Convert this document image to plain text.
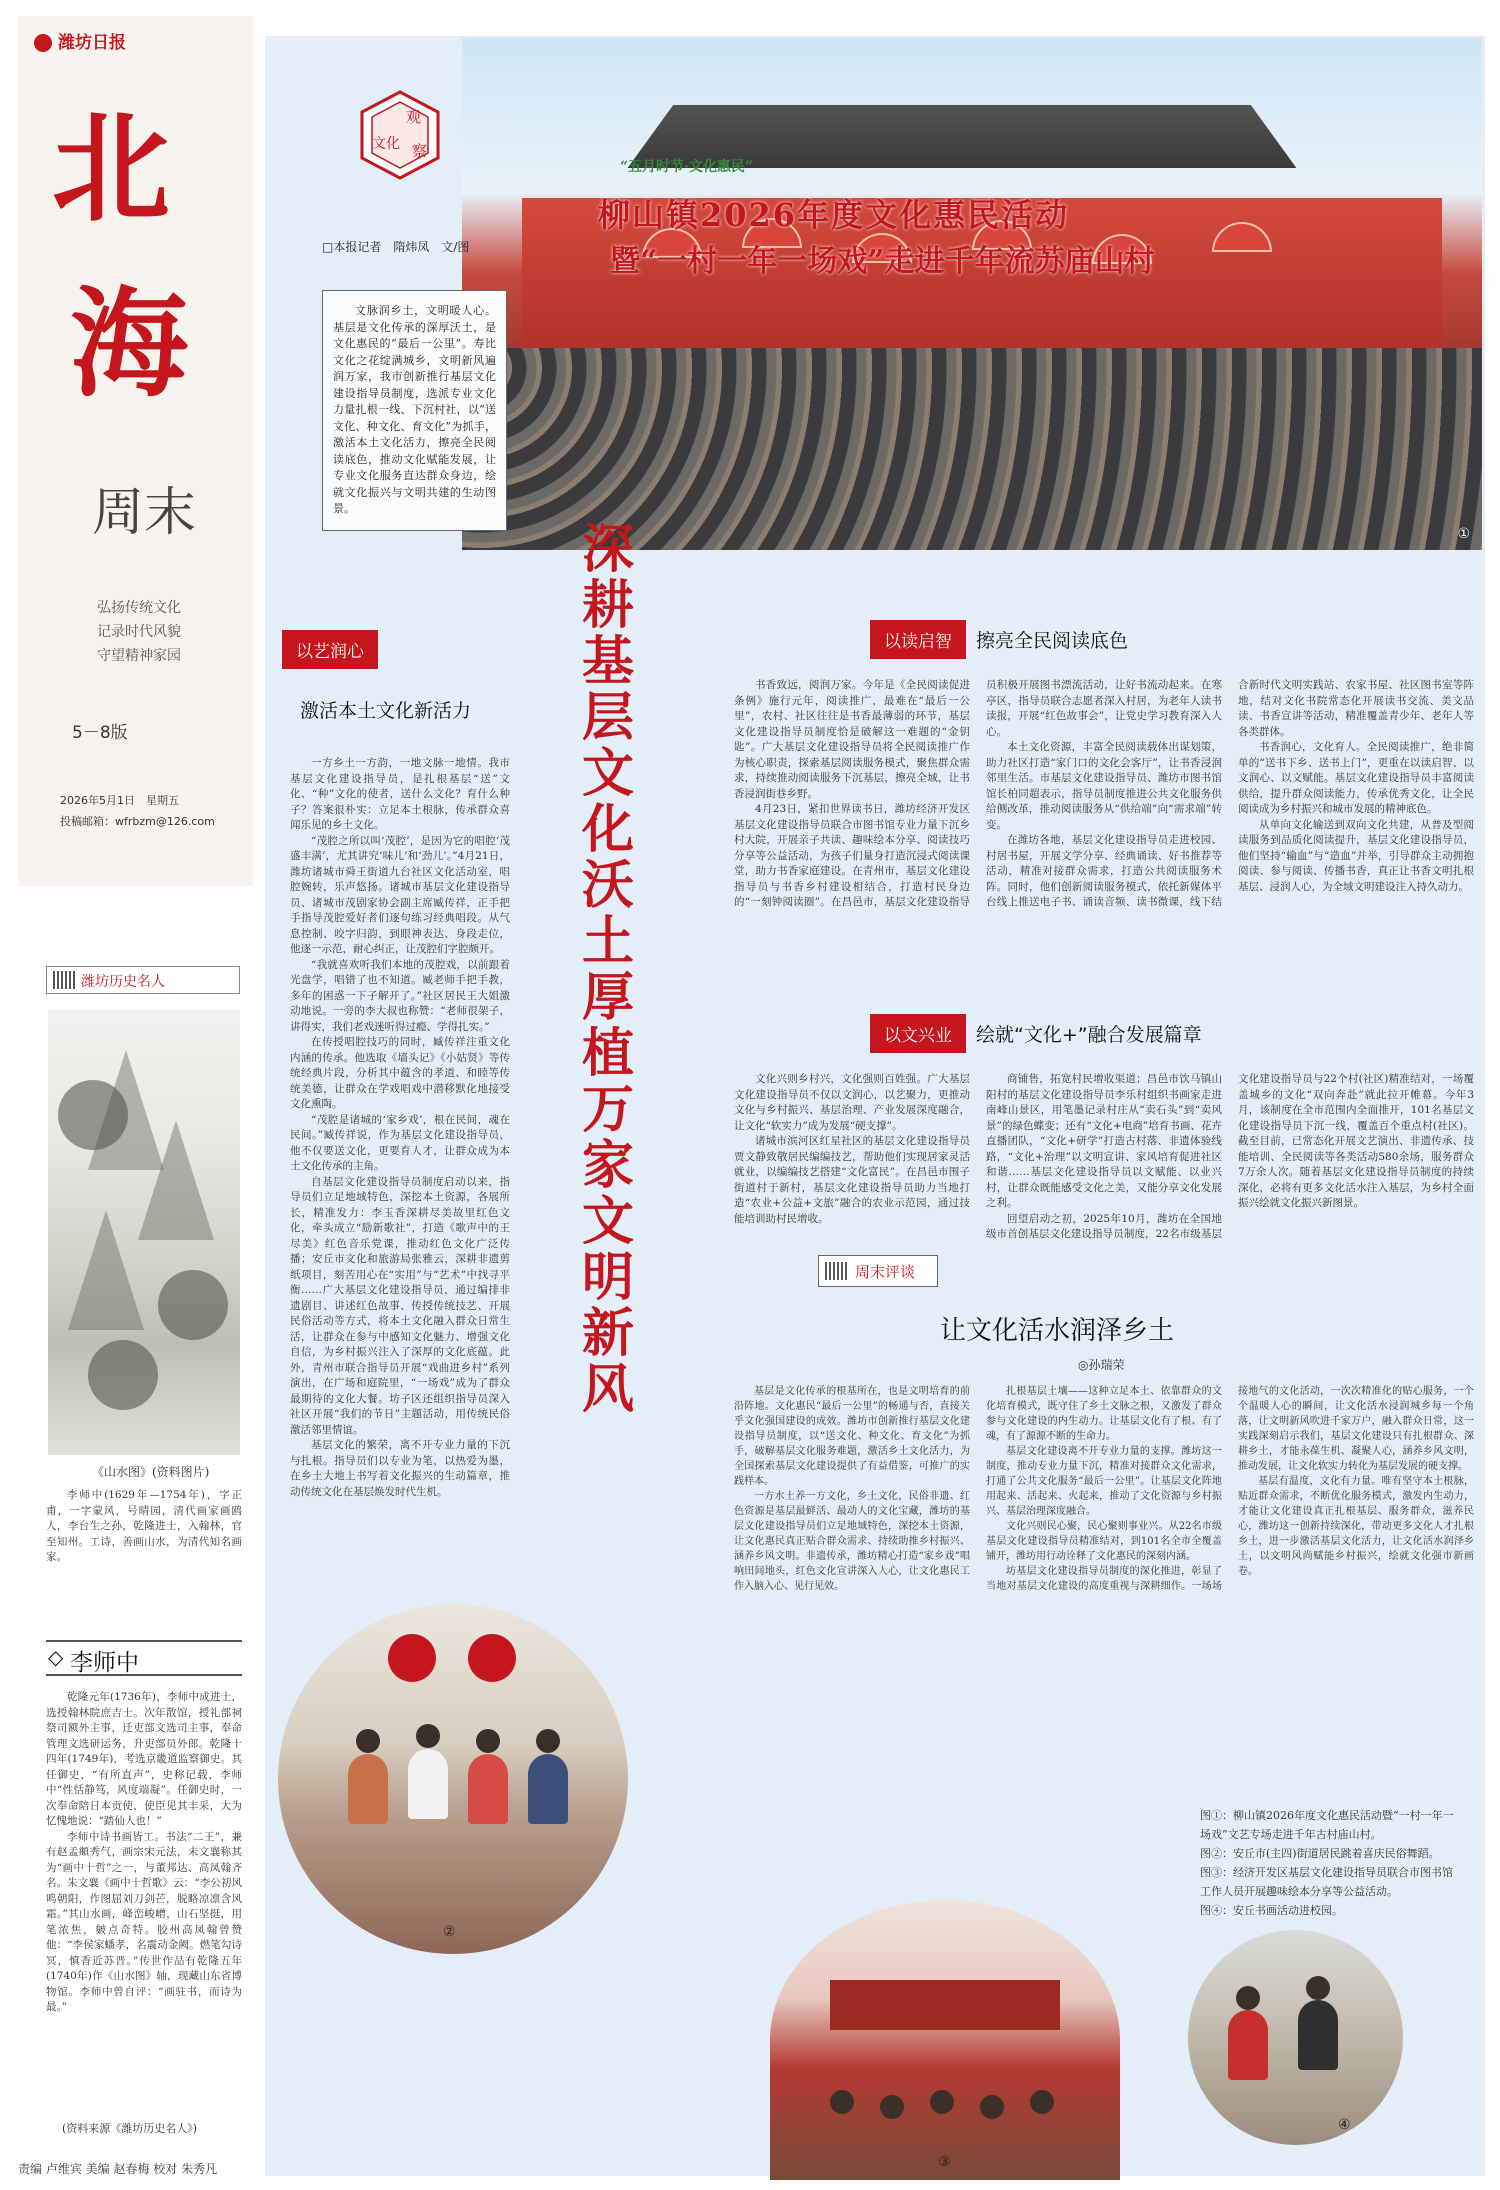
潍坊日报
北
海
周末
弘扬传统文化
记录时代风貌
守望精神家园
5－8版
2026年5月1日　星期五
投稿邮箱：wfrbzm@126.com
潍坊历史名人
《山水图》(资料图片)

李师中(1629年—1754年)，字正甫，一字蒙风，号晴园，清代画家画鸥人，李台生之孙，乾隆进士，入翰林，官至知州。工诗，善画山水，为清代知名画家。

◇ 李师中

乾隆元年(1736年)，李师中成进士，选授翰林院庶吉士。次年散馆，授礼部祠祭司额外主事，迁吏部文选司主事，奉命管理文选研运务，升吏部员外郎。乾隆十四年(1749年)，考选京畿道监察御史。其任御史，“有所直声”，史称记载，李师中“性恬静笃，风度端凝”。任御史时，一次奉命陪日本贡使，使臣见其丰采，大为忆愧地说：“踏仙人也！”

李师中诗书画皆工。书法“二王”，兼有赵孟頫秀气，画宗宋元法，未文襄称其为“画中十哲”之一，与董邦达、高凤翰齐名。朱文襄《画中十哲歌》云：“李公初风鸣朝阳，作图屈刘刀剑芒，脱略凉凛含风霜。”其山水画，峰峦峻嶒，山石坚挺，用笔浓焦，皴点奇特。胶州高凤翰曾赞他：“李侯家蟠孝，名震动金阙。燃笔勾诗冥，慎香近苏晋。”传世作品有乾隆五年(1740年)作《山水图》轴，现藏山东省博物馆。李师中曾自评：“画驻书，而诗为最。”

(资料来源《潍坊历史名人》)
责编 卢维宾 美编 赵春梅 校对 朱秀凡
“五月时节·文化惠民”
柳山镇2026年度文化惠民活动
暨“一村一年一场戏”走进千年流苏庙山村
①
观
文化 察
□本报记者　隋炜凤　文/图
文脉润乡土，文明暖人心。基层是文化传承的深厚沃土，是文化惠民的“最后一公里”。寿比文化之花绽满城乡，文明新风遍润万家，我市创新推行基层文化建设指导员制度，选派专业文化力量扎根一线、下沉村社，以“送文化、种文化、育文化”为抓手，激活本土文化活力，擦亮全民阅读底色，推动文化赋能发展，让专业文化服务直达群众身边，绘就文化振兴与文明共建的生动图景。
深耕基层文化沃土 厚植万家文明新风
以艺润心
激活本土文化新活力

一方乡土一方韵，一地文脉一地情。我市基层文化建设指导员，是扎根基层“送”文化、“种”文化的使者，送什么文化？育什么种子？答案很朴实：立足本土根脉，传承群众喜闻乐见的乡土文化。

“茂腔之所以叫‘茂腔’，是因为它的唱腔‘茂盛丰满’，尤其讲究‘味儿’和‘劲儿’。”4月21日，潍坊诸城市舜王街道九台社区文化活动室，唱腔婉转，乐声悠扬。诸城市基层文化建设指导员、诸城市茂剧家协会副主席臧传祥，正手把手指导茂腔爱好者们逐句练习经典唱段。从气息控制、咬字归韵，到眼神表达、身段走位，他逐一示范，耐心纠正，让茂腔们字腔颇开。

“我就喜欢听我们本地的茂腔戏，以前跟着光盘学，唱错了也不知道。臧老师手把手教，多年的困惑一下子解开了。”社区居民王大姐激动地说。一旁的李大叔也称赞：“老师很架子，讲得实，我们老戏迷听得过瘾、学得扎实。”

在传授唱腔技巧的同时，臧传祥注重文化内涵的传承。他选取《墙头记》《小姑贤》等传统经典片段，分析其中蕴含的孝道、和睦等传统美德，让群众在学戏唱戏中潜移默化地接受文化熏陶。

“茂腔是诸城的‘家乡戏’，根在民间，魂在民间。”臧传祥说，作为基层文化建设指导员，他不仅要送文化，更要育人才，让群众成为本土文化传承的主角。

自基层文化建设指导员制度启动以来，指导员们立足地域特色，深挖本土资源，各展所长，精准发力：李玉香深耕尽美故里红色文化，牵头成立“励新歌社”，打造《歌声中的王尽美》红色音乐党课，推动红色文化广泛传播；安丘市文化和旅游局张雅云，深耕非遗剪纸项目，刻苦用心在“实用”与“艺术”中找寻平衡……广大基层文化建设指导员，通过编排非遗剧目、讲述红色故事、传授传统技艺、开展民俗活动等方式，将本土文化融入群众日常生活，让群众在参与中感知文化魅力、增强文化自信，为乡村振兴注入了深厚的文化底蕴。此外，青州市联合指导员开展“戏曲进乡村”系列演出，在广场和庭院里，“一场戏”成为了群众最期待的文化大餐。坊子区还组织指导员深入社区开展“我们的节日”主题活动，用传统民俗激活邻里情谊。

基层文化的繁荣，离不开专业力量的下沉与扎根。指导员们以专业为笔，以热爱为墨，在乡土大地上书写着文化振兴的生动篇章，推动传统文化在基层焕发时代生机。

以读启智 擦亮全民阅读底色

书香致远，阅润万家。今年是《全民阅读促进条例》施行元年，阅读推广，最难在“最后一公里”，农村、社区往往是书香最薄弱的环节，基层文化建设指导员制度恰是破解这一难题的“金钥匙”。广大基层文化建设指导员将全民阅读推广作为核心职责，探索基层阅读服务模式，聚焦群众需求，持续推动阅读服务下沉基层，擦亮全域，让书香浸润街巷乡野。

4月23日，紧扣世界读书日，潍坊经济开发区基层文化建设指导员联合市图书馆专业力量下沉乡村大院，开展亲子共读、趣味绘本分享、阅读技巧分享等公益活动，为孩子们量身打造沉浸式阅读课堂，助力书香家庭建设。在青州市，基层文化建设指导员与书香乡村建设相结合，打造村民身边的“一刻钟阅读圈”。在昌邑市，基层文化建设指导员积极开展图书漂流活动，让好书流动起来。在寒亭区，指导员联合志愿者深入村居，为老年人读书读报，开展“红色故事会”，让党史学习教育深入人心。

本土文化资源，丰富全民阅读载体出谋划策，助力社区打造“家门口的文化会客厅”，让书香浸润邻里生活。市基层文化建设指导员、潍坊市图书馆馆长柏同超表示，指导员制度推进公共文化服务供给侧改革，推动阅读服务从“供给端”向“需求端”转变。

在潍坊各地，基层文化建设指导员走进校园、村居书屋，开展文学分享、经典诵读、好书推荐等活动，精准对接群众需求，打造公共阅读服务术阵。同时，他们创新阅读服务模式，依托新媒体平台线上推送电子书、诵读音频、读书微课，线下结合新时代文明实践站、农家书屋、社区图书室等阵地，结对文化书院常态化开展读书交流、美文品读、书香宣讲等活动，精准覆盖青少年、老年人等各类群体。

书香润心，文化育人。全民阅读推广，绝非简单的“送书下乡、送书上门”，更重在以读启智、以文润心、以文赋能。基层文化建设指导员丰富阅读供给，提升群众阅读能力，传承优秀文化，让全民阅读成为乡村振兴和城市发展的精神底色。

从单向文化输送到双向文化共建，从普及型阅读服务到品质化阅读提升，基层文化建设指导员，他们坚持“输血”与“造血”并举，引导群众主动拥抱阅读、参与阅读、传播书香，真正让书香文明扎根基层、浸润人心，为全域文明建设注入持久动力。

以文兴业 绘就“文化+”融合发展篇章

文化兴则乡村兴，文化强则百姓强。广大基层文化建设指导员不仅以文润心，以艺聚力，更推动文化与乡村振兴、基层治理、产业发展深度融合，让文化“软实力”成为发展“硬支撑”。

诸城市滨河区红星社区的基层文化建设指导员贾文静致敬居民编编技艺，帮助他们实现居家灵活就业，以编编技艺搭建“文化富民”。在昌邑市围子街道村于新村，基层文化建设指导员助力当地打造“农业+公益+文旅”融合的农业示范园，通过技能培训助村民增收。

商铺售，拓宽村民增收渠道；昌邑市饮马镇山阳村的基层文化建设指导员李乐村组织书画家走进南峰山景区，用笔墨记录村庄从“卖石头”到“卖风景”的绿色蝶变；还有“文化+电商”培育书画、花卉直播团队，“文化+研学”打造古村落、非遗体验线路，“文化+治理”以文明宣讲、家风培育促进社区和谐……基层文化建设指导员以文赋能、以业兴村，让群众既能感受文化之美，又能分享文化发展之利。

回望启动之初，2025年10月，潍坊在全国地级市首创基层文化建设指导员制度，22名市级基层文化建设指导员与22个村(社区)精准结对，一场覆盖城乡的文化“双向奔赴”就此拉开帷幕。今年3月，该制度在全市范围内全面推开，101名基层文化建设指导员下沉一线，覆盖百个重点村(社区)。截至目前，已常态化开展文艺演出、非遗传承、技能培训、全民阅读等各类活动580余场，服务群众7万余人次。随着基层文化建设指导员制度的持续深化，必将有更多文化活水注入基层，为乡村全面振兴绘就文化振兴新图景。

周末评谈
让文化活水润泽乡土
◎孙瑞荣

基层是文化传承的根基所在，也是文明培育的前沿阵地。文化惠民“最后一公里”的畅通与否，直接关乎文化强国建设的成效。潍坊市创新推行基层文化建设指导员制度，以“送文化、种文化、育文化”为抓手，破解基层文化服务难题，激活乡土文化活力，为全国探索基层文化建设提供了有益借鉴，可推广的实践样本。

一方水土养一方文化，乡土文化，民俗非遗、红色资源是基层最鲜活、最动人的文化宝藏，潍坊的基层文化建设指导员们立足地域特色，深挖本土资源，让文化惠民真正贴合群众需求、持续助推乡村振兴、涵养乡风文明。非遗传承，潍坊精心打造“家乡戏”唱响田间地头，红色文化宣讲深入人心，让文化惠民工作入脑入心、见行见效。

扎根基层土壤——这种立足本土、依靠群众的文化培育模式，既守住了乡土文脉之根，又激发了群众参与文化建设的内生动力。让基层文化有了根、有了魂，有了源源不断的生命力。

基层文化建设离不开专业力量的支撑。潍坊这一制度，推动专业力量下沉，精准对接群众文化需求，打通了公共文化服务“最后一公里”。让基层文化阵地用起来、活起来、火起来，推动了文化资源与乡村振兴、基层治理深度融合。

文化兴则民心聚，民心聚则事业兴。从22名市级基层文化建设指导员精准结对，到101名全市全覆盖铺开，潍坊用行动诠释了文化惠民的深刻内涵。

坊基层文化建设指导员制度的深化推进，彰显了当地对基层文化建设的高度重视与深耕细作。一场场接地气的文化活动，一次次精准化的贴心服务，一个个温暖人心的瞬间，让文化活水浸润城乡每一个角落，让文明新风吹进千家万户，融入群众日常，这一实践深刻启示我们，基层文化建设只有扎根群众、深耕乡土，才能永葆生机、凝聚人心，涵养乡风文明，推动发展，让文化软实力转化为基层发展的硬支撑。

基层有温度，文化有力量。唯有坚守本土根脉，贴近群众需求，不断优化服务模式，激发内生动力，才能让文化建设真正扎根基层、服务群众，滋养民心，潍坊这一创新持续深化，带动更多文化人才扎根乡土，进一步激活基层文化活力，让文化活水润泽乡土，以文明风尚赋能乡村振兴，绘就文化强市新画卷。

图①：柳山镇2026年度文化惠民活动暨“一村一年一场戏”文艺专场走进千年古村庙山村。
图②：安丘市(主四)街道居民跳着喜庆民俗舞蹈。
图③：经济开发区基层文化建设指导员联合市图书馆工作人员开展趣味绘本分享等公益活动。
图④：安丘书画活动进校园。
②
③
④
